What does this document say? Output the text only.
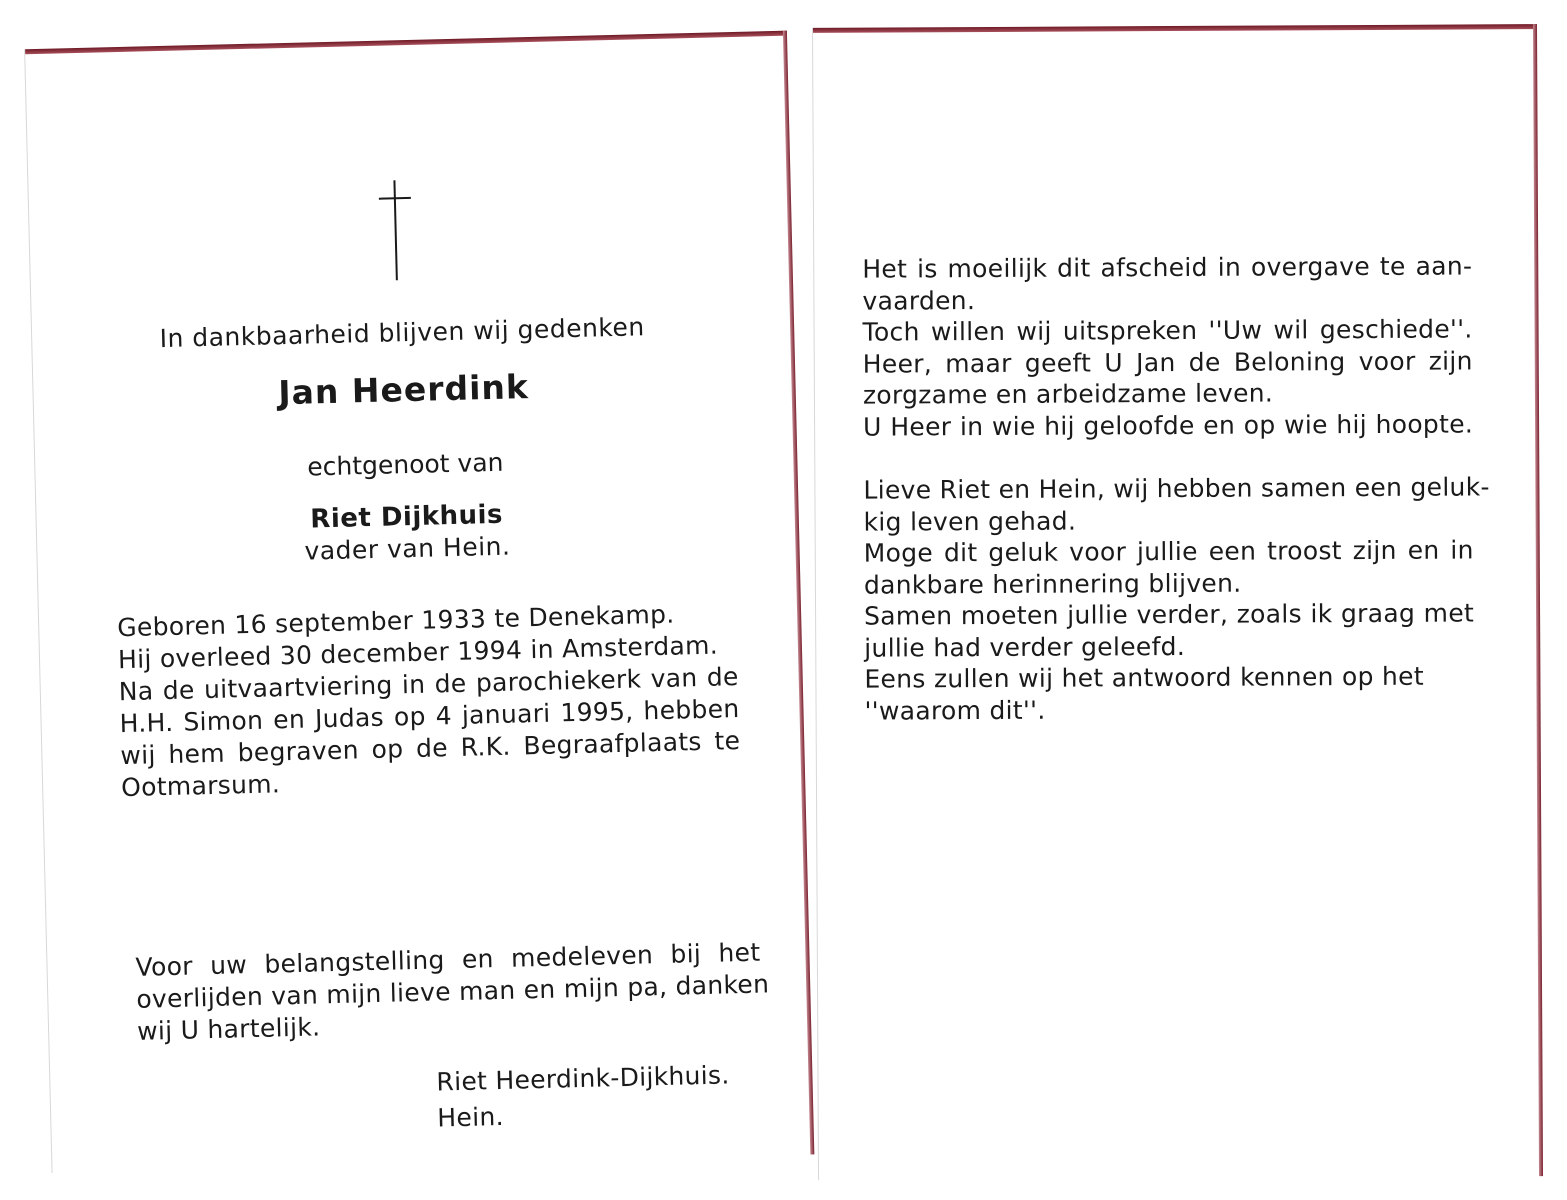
In dankbaarheid blijven wij gedenken
Jan Heerdink
echtgenoot van
Riet Dijkhuis
vader van Hein.
Geboren 16 september 1933 te Denekamp.
Hij overleed 30 december 1994 in Amsterdam.
Na de uitvaartviering in de parochiekerk van de
H.H. Simon en Judas op 4 januari 1995, hebben
wij hem begraven op de R.K. Begraafplaats te
Ootmarsum.
Voor uw belangstelling en medeleven bij het
overlijden van mijn lieve man en mijn pa, danken
wij U hartelijk.
Riet Heerdink-Dijkhuis.
Hein.
Het is moeilijk dit afscheid in overgave te aan-
vaarden.
Toch willen wij uitspreken ''Uw wil geschiede''.
Heer, maar geeft U Jan de Beloning voor zijn
zorgzame en arbeidzame leven.
U Heer in wie hij geloofde en op wie hij hoopte.
Lieve Riet en Hein, wij hebben samen een geluk-
kig leven gehad.
Moge dit geluk voor jullie een troost zijn en in
dankbare herinnering blijven.
Samen moeten jullie verder, zoals ik graag met
jullie had verder geleefd.
Eens zullen wij het antwoord kennen op het
''waarom dit''.
